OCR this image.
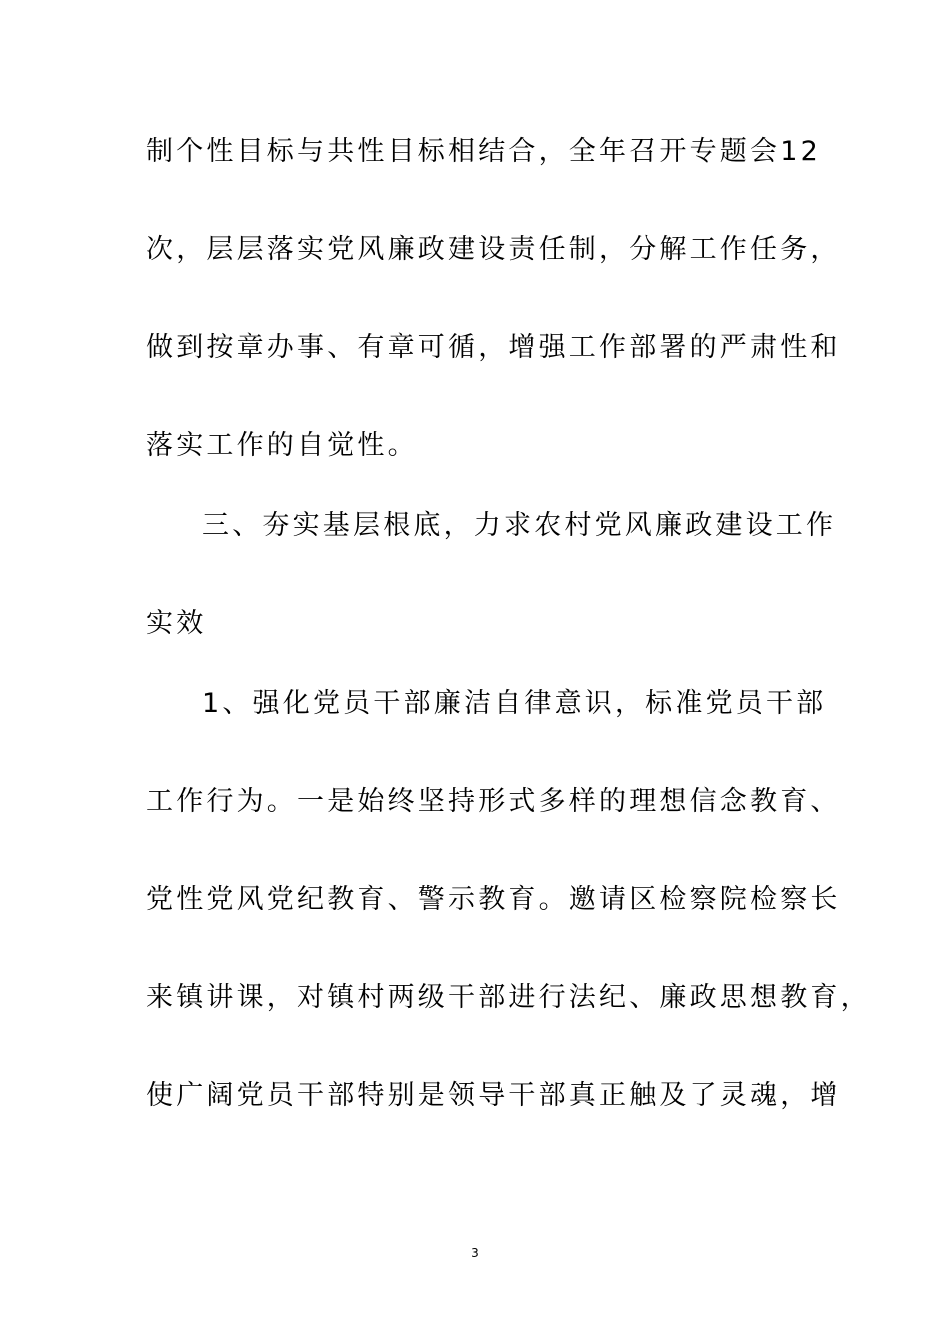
制个性目标与共性目标相结合，全年召开专题会12
次，层层落实党风廉政建设责任制，分解工作任务，
做到按章办事、有章可循，增强工作部署的严肃性和
落实工作的自觉性。
三、夯实基层根底，力求农村党风廉政建设工作
实效
1、强化党员干部廉洁自律意识，标准党员干部
工作行为。一是始终坚持形式多样的理想信念教育、
党性党风党纪教育、警示教育。邀请区检察院检察长
来镇讲课，对镇村两级干部进行法纪、廉政思想教育，
使广阔党员干部特别是领导干部真正触及了灵魂，增
3
